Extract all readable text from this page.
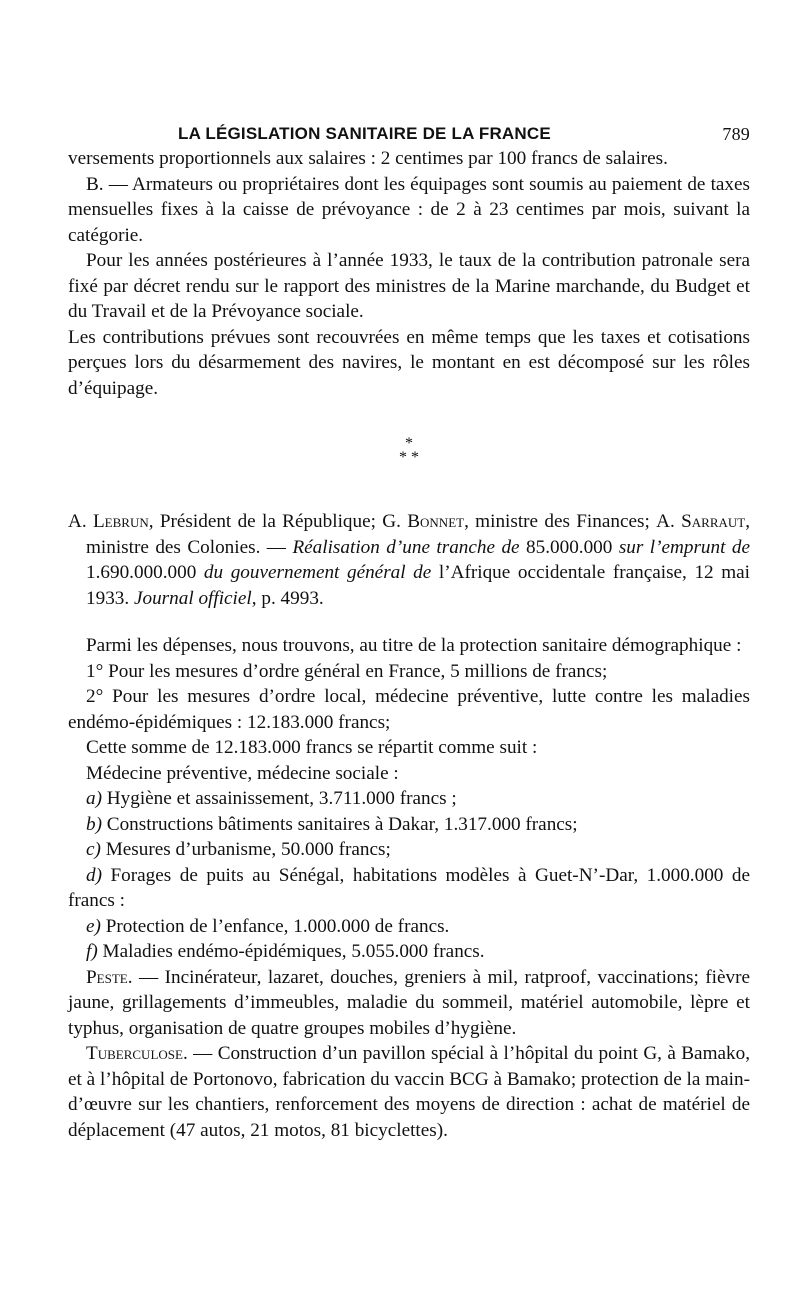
LA LÉGISLATION SANITAIRE DE LA FRANCE	789

versements proportionnels aux salaires : 2 centimes par 100 francs de salaires.

B. — Armateurs ou propriétaires dont les équipages sont soumis au paiement de taxes mensuelles fixes à la caisse de prévoyance : de 2 à 23 centimes par mois, suivant la catégorie.

Pour les années postérieures à l’année 1933, le taux de la contribution patronale sera fixé par décret rendu sur le rapport des ministres de la Marine marchande, du Budget et du Travail et de la Prévoyance sociale.

Les contributions prévues sont recouvrées en même temps que les taxes et cotisations perçues lors du désarmement des navires, le montant en est décomposé sur les rôles d’équipage.

*
* *

A. Lebrun, Président de la République; G. Bonnet, ministre des Finances; A. Sarraut, ministre des Colonies. — Réalisation d’une tranche de 85.000.000 sur l’emprunt de 1.690.000.000 du gouvernement général de l’Afrique occidentale française, 12 mai 1933. Journal officiel, p. 4993.

Parmi les dépenses, nous trouvons, au titre de la protection sanitaire démographique :

1° Pour les mesures d’ordre général en France, 5 millions de francs;

2° Pour les mesures d’ordre local, médecine préventive, lutte contre les maladies endémo-épidémiques : 12.183.000 francs;

Cette somme de 12.183.000 francs se répartit comme suit :

Médecine préventive, médecine sociale :

a) Hygiène et assainissement, 3.711.000 francs ;

b) Constructions bâtiments sanitaires à Dakar, 1.317.000 francs;

c) Mesures d’urbanisme, 50.000 francs;

d) Forages de puits au Sénégal, habitations modèles à Guet-N’-Dar, 1.000.000 de francs :

e) Protection de l’enfance, 1.000.000 de francs.

f) Maladies endémo-épidémiques, 5.055.000 francs.

Peste. — Incinérateur, lazaret, douches, greniers à mil, ratproof, vaccinations; fièvre jaune, grillagements d’immeubles, maladie du sommeil, matériel automobile, lèpre et typhus, organisation de quatre groupes mobiles d’hygiène.

Tuberculose. — Construction d’un pavillon spécial à l’hôpital du point G, à Bamako, et à l’hôpital de Portonovo, fabrication du vaccin BCG à Bamako; protection de la main-d’œuvre sur les chantiers, renforcement des moyens de direction : achat de matériel de déplacement (47 autos, 21 motos, 81 bicyclettes).
